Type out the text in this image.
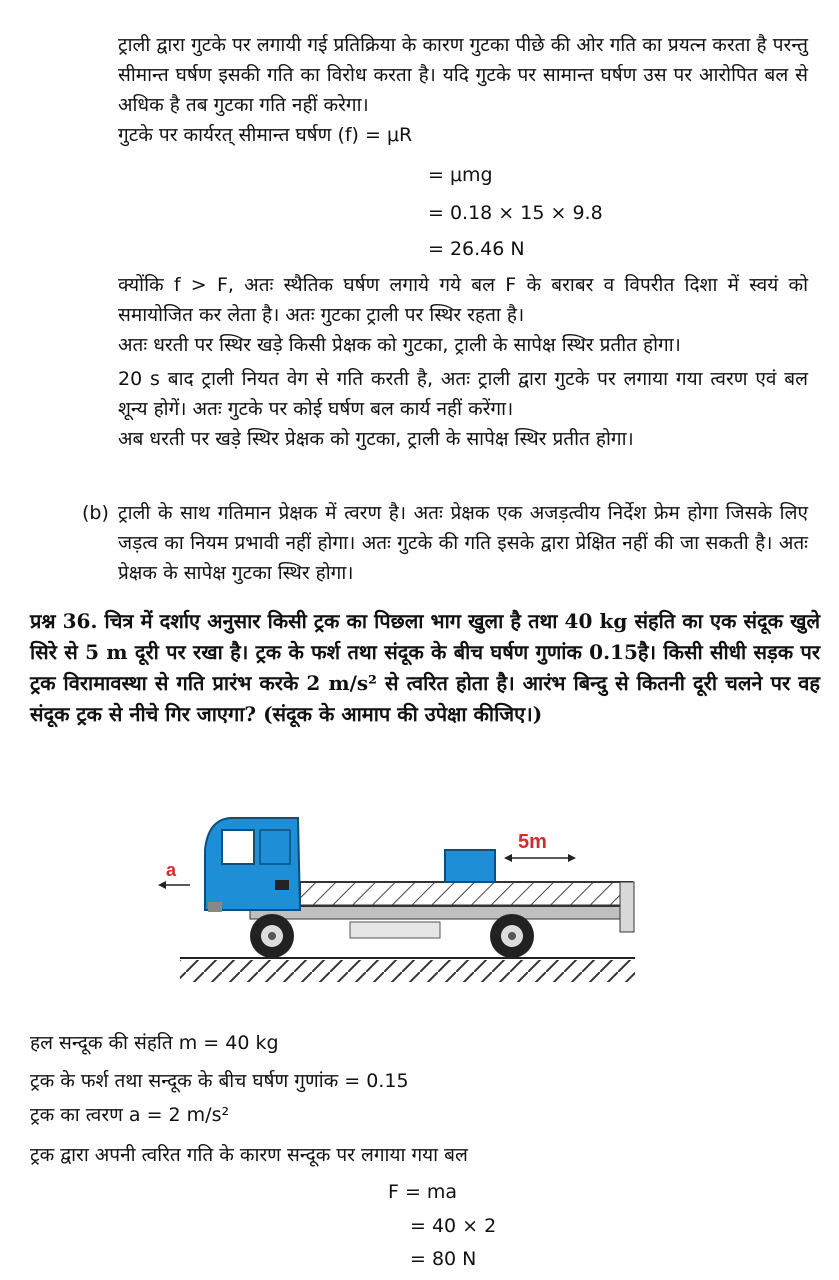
ट्राली द्वारा गुटके पर लगायी गई प्रतिक्रिया के कारण गुटका पीछे की ओर गति का प्रयत्न करता है परन्तु सीमान्त घर्षण इसकी गति का विरोध करता है। यदि गुटके पर सामान्त घर्षण उस पर आरोपित बल से अधिक है तब गुटका गति नहीं करेगा।

गुटके पर कार्यरत् सीमान्त घर्षण (f) = μR

= μmg
= 0.18 × 15 × 9.8
= 26.46 N

क्योंकि f > F, अतः स्थैतिक घर्षण लगाये गये बल F के बराबर व विपरीत दिशा में स्वयं को समायोजित कर लेता है। अतः गुटका ट्राली पर स्थिर रहता है।

अतः धरती पर स्थिर खड़े किसी प्रेक्षक को गुटका, ट्राली के सापेक्ष स्थिर प्रतीत होगा।

20 s बाद ट्राली नियत वेग से गति करती है, अतः ट्राली द्वारा गुटके पर लगाया गया त्वरण एवं बल शून्य होगें। अतः गुटके पर कोई घर्षण बल कार्य नहीं करेंगा।

अब धरती पर खड़े स्थिर प्रेक्षक को गुटका, ट्राली के सापेक्ष स्थिर प्रतीत होगा।

(b) ट्राली के साथ गतिमान प्रेक्षक में त्वरण है। अतः प्रेक्षक एक अजड़त्वीय निर्देश फ्रेम होगा जिसके लिए जड़त्व का नियम प्रभावी नहीं होगा। अतः गुटके की गति इसके द्वारा प्रेक्षित नहीं की जा सकती है। अतः प्रेक्षक के सापेक्ष गुटका स्थिर होगा।
प्रश्न 36. चित्र में दर्शाए अनुसार किसी ट्रक का पिछला भाग खुला है तथा 40 kg संहति का एक संदूक खुले सिरे से 5 m दूरी पर रखा है। ट्रक के फर्श तथा संदूक के बीच घर्षण गुणांक 0.15है। किसी सीधी सड़क पर ट्रक विरामावस्था से गति प्रारंभ करके 2 m/s² से त्वरित होता है। आरंभ बिन्दु से कितनी दूरी चलने पर वह संदूक ट्रक से नीचे गिर जाएगा? (संदूक के आमाप की उपेक्षा कीजिए।)
a
5m
हल सन्दूक की संहति m = 40 kg
ट्रक के फर्श तथा सन्दूक के बीच घर्षण गुणांक = 0.15
ट्रक का त्वरण a = 2 m/s²
ट्रक द्वारा अपनी त्वरित गति के कारण सन्दूक पर लगाया गया बल
F = ma
= 40 × 2
= 80 N
